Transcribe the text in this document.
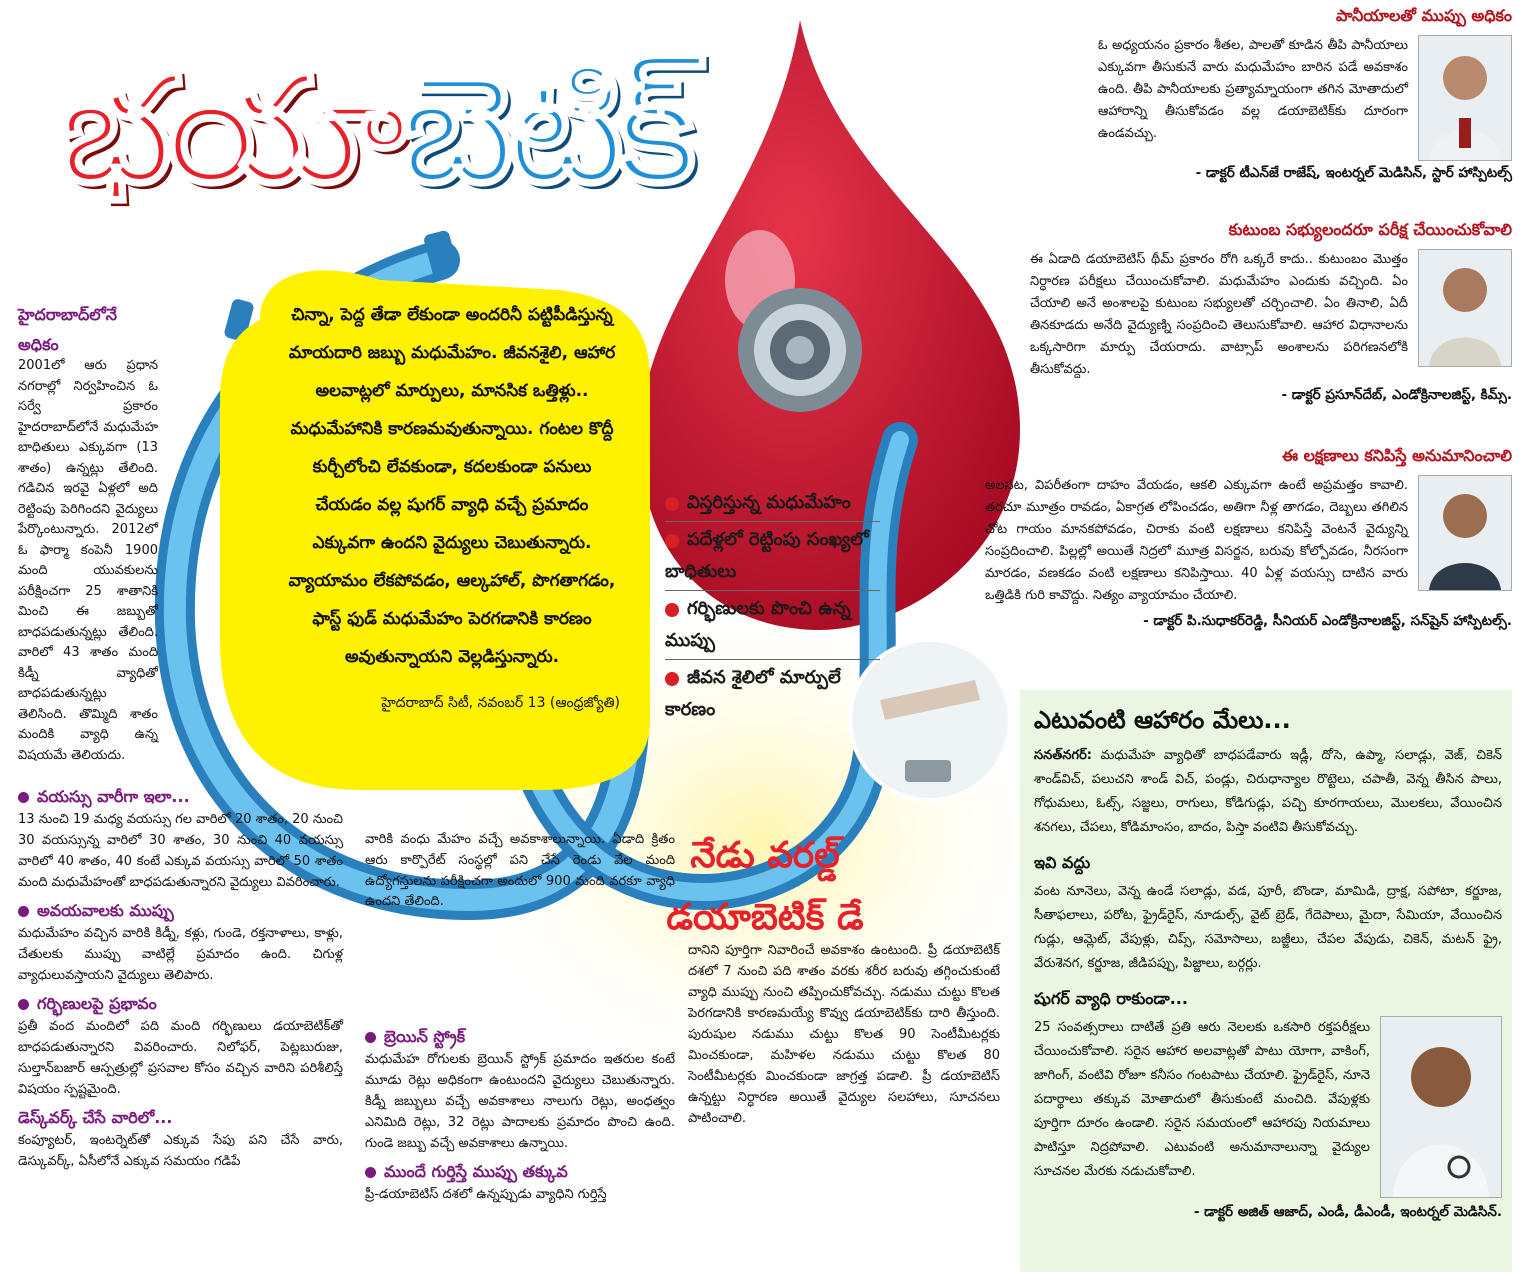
భయాబెటిక్
చిన్నా, పెద్ద తేడా లేకుండా అందరినీ పట్టిపీడిస్తున్న మాయదారి జబ్బు మధుమేహం. జీవనశైలి, ఆహార అలవాట్లలో మార్పులు, మానసిక ఒత్తిళ్లు.. మధుమేహానికి కారణమవుతున్నాయి. గంటల కొద్దీ కుర్చీలోంచి లేవకుండా, కదలకుండా పనులు చేయడం వల్ల షుగర్ వ్యాధి వచ్చే ప్రమాదం ఎక్కువగా ఉందని వైద్యులు చెబుతున్నారు. వ్యాయామం లేకపోవడం, ఆల్కహాల్, పొగతాగడం, ఫాస్ట్ ఫుడ్ మధుమేహం పెరగడానికి కారణం అవుతున్నాయని వెల్లడిస్తున్నారు.
హైదరాబాద్ సిటీ, నవంబర్ 13 (ఆంధ్రజ్యోతి)
విస్తరిస్తున్న మధుమేహం
పదేళ్లలో రెట్టింపు సంఖ్యలో బాధితులు
గర్భిణులకు పొంచి ఉన్న ముప్పు
జీవన శైలిలో మార్పులే కారణం
నేడు వరల్డ్
డయాబెటిక్ డే
హైదరాబాద్‌లోనే అధికం
2001లో ఆరు ప్రధాన నగరాల్లో నిర్వహించిన ఓ సర్వే ప్రకారం హైదరాబాద్‌లోనే మధుమేహ బాధితులు ఎక్కువగా (13 శాతం) ఉన్నట్లు తేలింది. గడిచిన ఇరవై ఏళ్లలో అది రెట్టింపు పెరిగిందని వైద్యులు పేర్కొంటున్నారు. 2012లో ఓ ఫార్మా కంపెనీ 1900 మంది యువకులను పరీక్షించగా 25 శాతానికి మించి ఈ జబ్బుతో బాధపడుతున్నట్లు తేలింది. వారిలో 43 శాతం మంది కిడ్నీ వ్యాధితో బాధపడుతున్నట్లు తెలిసింది. తొమ్మిది శాతం మందికి వ్యాధి ఉన్న విషయమే తెలియదు.
వయస్సు వారీగా ఇలా...
13 నుంచి 19 మధ్య వయస్సు గల వారిలో 20 శాతం, 20 నుంచి 30 వయస్సున్న వారిలో 30 శాతం, 30 నుంచి 40 వయస్సు వారిలో 40 శాతం, 40 కంటే ఎక్కువ వయస్సు వారిలో 50 శాతం మంది మధుమేహంతో బాధపడుతున్నారని వైద్యులు వివరించారు.
అవయవాలకు ముప్పు
మధుమేహం వచ్చిన వారికి కిడ్నీ, కళ్లు, గుండె, రక్తనాళాలు, కాళ్లు, చేతులకు ముప్పు వాటిల్లే ప్రమాదం ఉంది. చిగుళ్ల వ్యాధులువస్తాయని వైద్యులు తెలిపారు.
గర్భిణులపై ప్రభావం
ప్రతీ వంద మందిలో పది మంది గర్భిణులు డయాబెటిక్‌తో బాధపడుతున్నారని వివరించారు. నిలోఫర్, పెట్లబురుజు, సుల్తాన్‌బజార్ ఆస్పత్రుల్లో ప్రసవాల కోసం వచ్చిన వారిని పరిశీలిస్తే విషయం స్పష్టమైంది.
డెస్క్‌వర్క్ చేసే వారిలో...
కంప్యూటర్, ఇంటర్నెట్‌తో ఎక్కువ సేపు పని చేసే వారు, డెస్కువర్క్, ఏసీలోనే ఎక్కువ సమయం గడిపే
వారికి వంధు మేహం వచ్చే అవకాశాలున్నాయి. ఏడాది క్రితం ఆరు కార్పొరేట్ సంస్థల్లో పని చేసే రెండు వేల మంది ఉద్యోగస్తులను పరీక్షించగా అందులో 900 మంది వరకూ వ్యాధి ఉందని తేలింది.
బ్రెయిన్ స్ట్రోక్
మధుమేహ రోగులకు బ్రెయిన్ స్ట్రోక్ ప్రమాదం ఇతరుల కంటే మూడు రెట్లు అధికంగా ఉంటుందని వైద్యులు చెబుతున్నారు. కిడ్నీ జబ్బులు వచ్చే అవకాశాలు నాలుగు రెట్లు, అంధత్వం ఎనిమిది రెట్లు, 32 రెట్లు పాదాలకు ప్రమాదం పొంచి ఉంది. గుండె జబ్బు వచ్చే అవకాశాలు ఉన్నాయి.
ముందే గుర్తిస్తే ముప్పు తక్కువ
ప్రీ-డయాబెటిస్ దశలో ఉన్నప్పుడు వ్యాధిని గుర్తిస్తే
దానిని పూర్తిగా నివారించే అవకాశం ఉంటుంది. ప్రీ డయాబెటిక్ దశలో 7 నుంచి పది శాతం వరకు శరీర బరువు తగ్గించుకుంటే వ్యాధి ముప్పు నుంచి తప్పించుకోవచ్చు. నడుము చుట్టు కొలత పెరగడానికి కారణమయ్యే కొవ్వు డయాబెటిక్‌కు దారి తీస్తుంది. పురుషుల నడుము చుట్టు కొలత 90 సెంటీమీటర్లకు మించకుండా, మహిళల నడుము చుట్టు కొలత 80 సెంటీమీటర్లకు మించకుండా జాగ్రత్త పడాలి. ప్రీ డయాబెటిస్ ఉన్నట్టు నిర్ధారణ అయితే వైద్యుల సలహాలు, సూచనలు పాటించాలి.
పానీయాలతో ముప్పు అధికం
ఓ అధ్యయనం ప్రకారం శీతల, పాలతో కూడిన తీపి పానీయాలు ఎక్కువగా తీసుకునే వారు మధుమేహం బారిన పడే అవకాశం ఉంది. తీపి పానీయాలకు ప్రత్యామ్నాయంగా తగిన మోతాదులో ఆహారాన్ని తీసుకోవడం వల్ల డయాబెటిక్‌కు దూరంగా ఉండవచ్చు.
- డాక్టర్ టీఎన్‌జే రాజేష్, ఇంటర్నల్ మెడిసిన్, స్టార్ హాస్పిటల్స్
కుటుంబ సభ్యులందరూ పరీక్ష చేయించుకోవాలి
ఈ ఏడాది డయాబెటిస్ థీమ్ ప్రకారం రోగి ఒక్కరే కాదు.. కుటుంబం మొత్తం నిర్ధారణ పరీక్షలు చేయించుకోవాలి. మధుమేహం ఎందుకు వచ్చింది. ఏం చేయాలి అనే అంశాలపై కుటుంబ సభ్యులతో చర్చించాలి. ఏం తినాలి, ఏదీ తినకూడదు అనేది వైద్యుణ్ని సంప్రదించి తెలుసుకోవాలి. ఆహార విధానాలను ఒక్కసారిగా మార్పు చేయరాదు. వాట్సాప్ అంశాలను పరిగణనలోకి తీసుకోవద్దు.
- డాక్టర్ ప్రసూన్‌దేబ్, ఎండోక్రినాలజిస్ట్, కిమ్స్.
ఈ లక్షణాలు కనిపిస్తే అనుమానించాలి
అలసట, విపరీతంగా దాహం వేయడం, ఆకలి ఎక్కువగా ఉంటే అప్రమత్తం కావాలి. తరచూ మూత్రం రావడం, ఏకాగ్రత లోపించడం, అతిగా నీళ్ల తాగడం, దెబ్బలు తగిలిన చోట గాయం మానకపోవడం, చిరాకు వంటి లక్షణాలు కనిపిస్తే వెంటనే వైద్యున్ని సంప్రదించాలి. పిల్లల్లో అయితే నిద్రలో మూత్ర విసర్జన, బరువు కోల్పోవడం, నీరసంగా మారడం, వణకడం వంటి లక్షణాలు కనిపిస్తాయి. 40 ఏళ్ల వయస్సు దాటిన వారు ఒత్తిడికి గురి కావొద్దు. నిత్యం వ్యాయామం చేయాలి.
- డాక్టర్ పి.సుధాకర్‌రెడ్డి, సీనియర్ ఎండోక్రినాలజిస్ట్, సన్‌షైన్ హాస్పిటల్స్.
ఎటువంటి ఆహారం మేలు...
సనత్‌నగర్: మధుమేహ వ్యాధితో బాధపడేవారు ఇడ్లీ, దోసె, ఉప్మా, సలాడ్లు, వెజ్, చికెన్ శాండ్‌విచ్, పలుచని శాండ్ విచ్, పండ్లు, చిరుధాన్యాల రొట్టెలు, చపాతీ, వెన్న తీసిన పాలు, గోధుమలు, ఓట్స్, సజ్జలు, రాగులు, కోడిగుడ్లు, పచ్చి కూరగాయలు, మొలకలు, వేయించిన శనగలు, చేపలు, కోడిమాంసం, బాదం, పిస్తా వంటివి తీసుకోవచ్చు.
ఇవి వద్దు
వంట నూనెలు, వెన్న ఉండే సలాడ్లు, వడ, పూరీ, బొండా, మామిడి, ద్రాక్ష, సపోటా, కర్జూజ, సీతాఫలాలు, పరోట, ఫ్రైడ్‌రైస్, నూడుల్స్, వైట్ బ్రెడ్, గేదెపాలు, మైదా, సేమియా, వేయించిన గుడ్లు, ఆమ్లెట్, వేపుళ్లు, చిప్స్, సమోసాలు, బజ్జీలు, చేపల వేపుడు, చికెన్, మటన్ ఫ్రై, వేరుశెనగ, కర్జూజ, జీడిపప్పు, పిజ్జాలు, బర్గర్లు.
షుగర్ వ్యాధి రాకుండా...
25 సంవత్సరాలు దాటితే ప్రతి ఆరు నెలలకు ఒకసారి రక్తపరీక్షలు చేయించుకోవాలి. సరైన ఆహార అలవాట్లతో పాటు యోగా, వాకింగ్, జాగింగ్, వంటివి రోజూ కనీసం గంటపాటు చేయాలి. ఫ్రైడ్‌రైస్, నూనె పదార్థాలు తక్కువ మోతాదులో తీసుకుంటే మంచిది. వేపుళ్లకు పూర్తిగా దూరం ఉండాలి. సరైన సమయంలో ఆహారపు నియమాలు పాటిస్తూ నిద్రపోవాలి. ఎటువంటి అనుమానాలున్నా వైద్యుల సూచనల మేరకు నడుచుకోవాలి.
- డాక్టర్ అజిత్ ఆజాద్, ఎండీ, డీఎండీ, ఇంటర్నల్ మెడిసిన్.
